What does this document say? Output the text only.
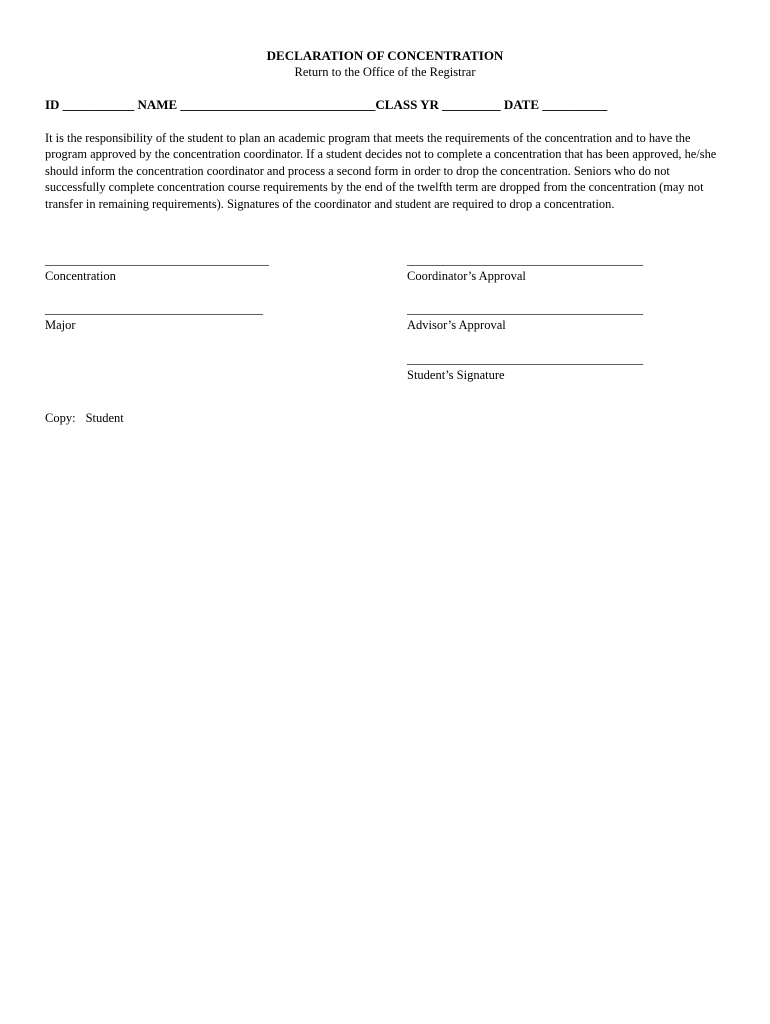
DECLARATION OF CONCENTRATION
Return to the Office of the Registrar
ID ___________ NAME ______________________________CLASS YR _________ DATE __________
It is the responsibility of the student to plan an academic program that meets the requirements of the concentration and to have the program approved by the concentration coordinator. If a student decides not to complete a concentration that has been approved, he/she should inform the concentration coordinator and process a second form in order to drop the concentration. Seniors who do not successfully complete concentration course requirements by the end of the twelfth term are dropped from the concentration (may not transfer in remaining requirements). Signatures of the coordinator and student are required to drop a concentration.
_____________________________________
Concentration
_______________________________________
Coordinator’s Approval
____________________________________
Major
_______________________________________
Advisor’s Approval
_______________________________________
Student’s Signature
Copy: Student
